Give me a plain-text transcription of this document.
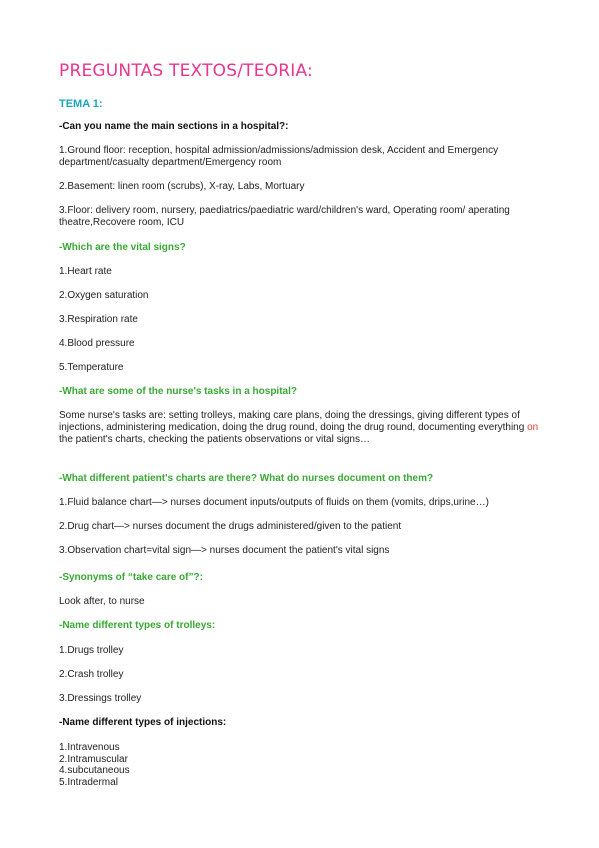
PREGUNTAS TEXTOS/TEORIA:
TEMA 1:
-Can you name the main sections in a hospital?:
1.Ground floor: reception, hospital admission/admissions/admission desk, Accident and Emergency department/casualty department/Emergency room
2.Basement: linen room (scrubs), X-ray, Labs, Mortuary
3.Floor: delivery room, nursery, paediatrics/paediatric ward/children's ward, Operating room/ aperating theatre,Recovere room, ICU
-Which are the vital signs?
1.Heart rate
2.Oxygen saturation
3.Respiration rate
4.Blood pressure
5.Temperature
-What are some of the nurse's tasks in a hospital?
Some nurse's tasks are: setting trolleys, making care plans, doing the dressings, giving different types of injections, administering medication, doing the drug round, doing the drug round, documenting everything on the patient's charts, checking the patients observations or vital signs…
-What different patient's charts are there? What do nurses document on them?
1.Fluid balance chart—> nurses document inputs/outputs of fluids on them (vomits, drips,urine…)
2.Drug chart—> nurses document the drugs administered/given to the patient
3.Observation chart=vital sign—> nurses document the patient's vital signs
-Synonyms of “take care of”?:
Look after, to nurse
-Name different types of trolleys:
1.Drugs trolley
2.Crash trolley
3.Dressings trolley
-Name different types of injections:
1.Intravenous
2.Intramuscular
4.subcutaneous
5.Intradermal
